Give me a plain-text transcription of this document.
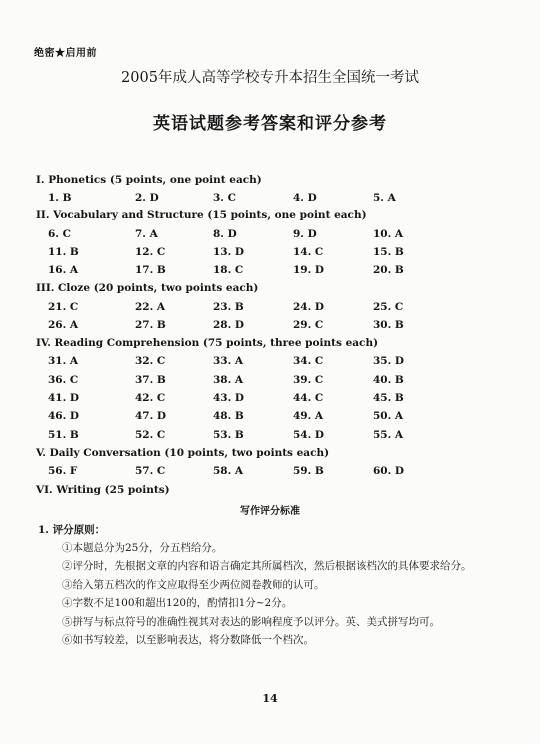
绝密★启用前
2005年成人高等学校专升本招生全国统一考试
英语试题参考答案和评分参考
I. Phonetics (5 points, one point each)
1. B	2. D	3. C	4. D	5. A
II. Vocabulary and Structure (15 points, one point each)
6. C	7. A	8. D	9. D	10. A
11. B	12. C	13. D	14. C	15. B
16. A	17. B	18. C	19. D	20. B
III. Cloze (20 points, two points each)
21. C	22. A	23. B	24. D	25. C
26. A	27. B	28. D	29. C	30. B
IV. Reading Comprehension (75 points, three points each)
31. A	32. C	33. A	34. C	35. D
36. C	37. B	38. A	39. C	40. B
41. D	42. C	43. D	44. C	45. B
46. D	47. D	48. B	49. A	50. A
51. B	52. C	53. B	54. D	55. A
V. Daily Conversation (10 points, two points each)
56. F	57. C	58. A	59. B	60. D
VI. Writing (25 points)
写作评分标准
1. 评分原则：
①本题总分为25分，分五档给分。
②评分时，先根据文章的内容和语言确定其所属档次，然后根据该档次的具体要求给分。
③给入第五档次的作文应取得至少两位阅卷教师的认可。
④字数不足100和超出120的，酌情扣1分~2分。
⑤拼写与标点符号的准确性视其对表达的影响程度予以评分。英、美式拼写均可。
⑥如书写较差，以至影响表达，将分数降低一个档次。
14
